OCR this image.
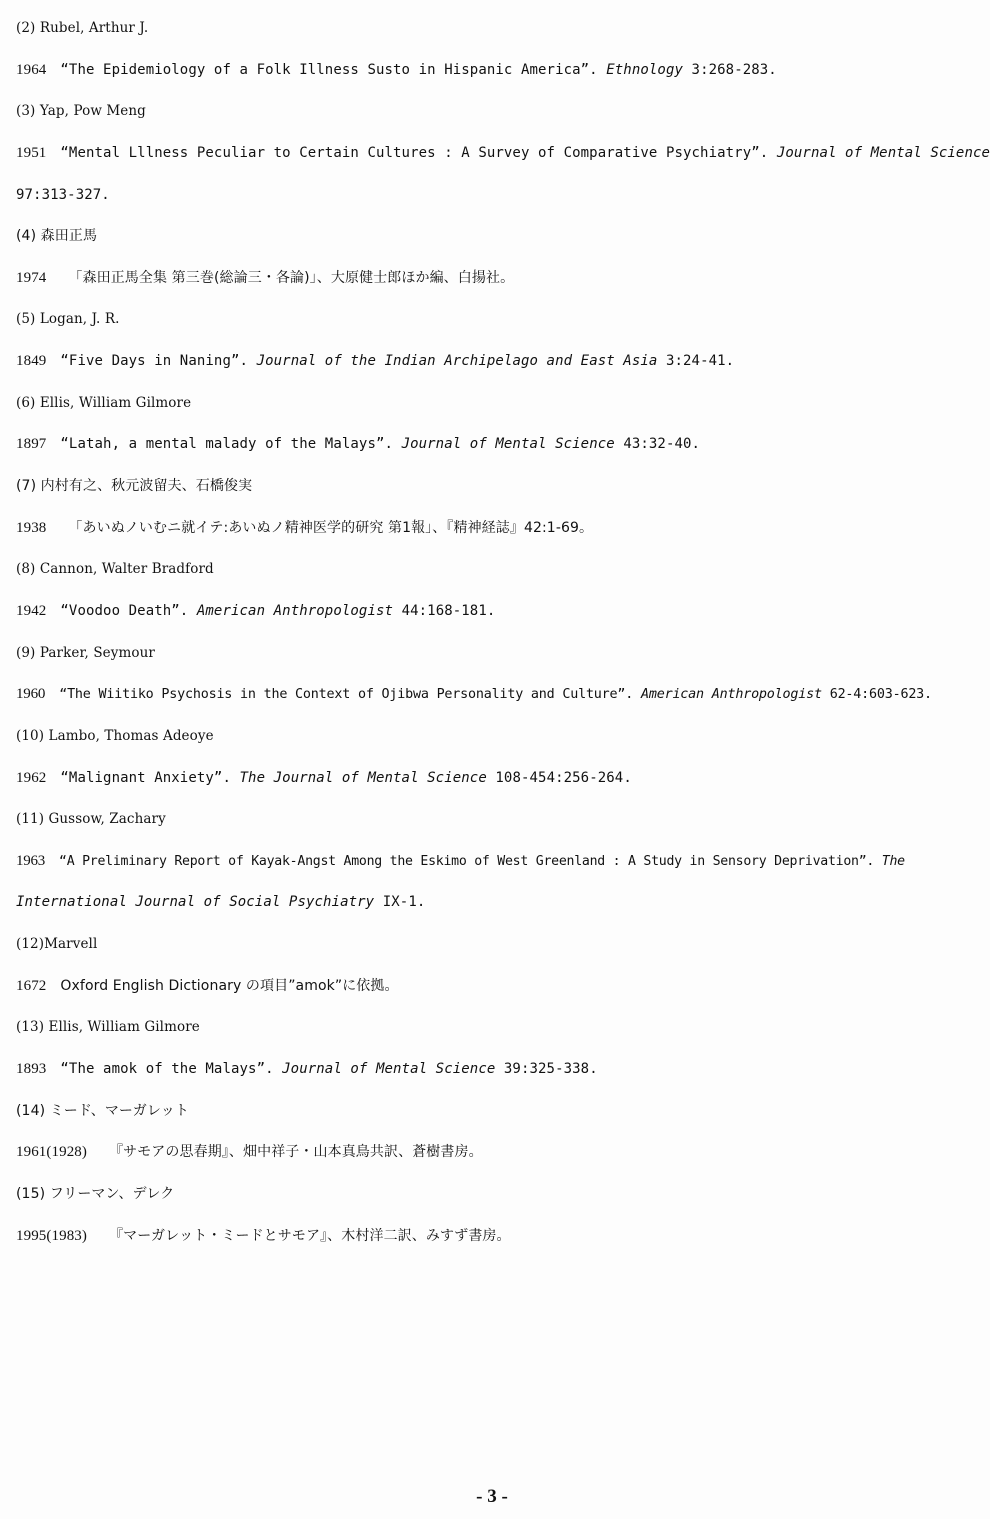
(2) Rubel, Arthur J.
1964 “The Epidemiology of a Folk Illness Susto in Hispanic America”. Ethnology 3:268-283.
(3) Yap, Pow Meng
1951 “Mental Lllness Peculiar to Certain Cultures : A Survey of Comparative Psychiatry”. Journal of Mental Science
97:313-327.
(4) 森田正馬
1974 「森田正馬全集 第三巻(総論三・各論)」、大原健士郎ほか編、白揚社。
(5) Logan, J. R.
1849 “Five Days in Naning”. Journal of the Indian Archipelago and East Asia 3:24-41.
(6) Ellis, William Gilmore
1897 “Latah, a mental malady of the Malays”. Journal of Mental Science 43:32-40.
(7) 内村有之、秋元波留夫、石橋俊実
1938 「あいぬノいむニ就イテ:あいぬノ精神医学的研究 第1報」、『精神経誌』42:1-69。
(8) Cannon, Walter Bradford
1942 “Voodoo Death”. American Anthropologist 44:168-181.
(9) Parker, Seymour
1960 “The Wiitiko Psychosis in the Context of Ojibwa Personality and Culture”. American Anthropologist 62-4:603-623.
(10) Lambo, Thomas Adeoye
1962 “Malignant Anxiety”. The Journal of Mental Science 108-454:256-264.
(11) Gussow, Zachary
1963 “A Preliminary Report of Kayak-Angst Among the Eskimo of West Greenland : A Study in Sensory Deprivation”. The
International Journal of Social Psychiatry IX-1.
(12)Marvell
1672 Oxford English Dictionary の項目”amok”に依拠。
(13) Ellis, William Gilmore
1893 “The amok of the Malays”. Journal of Mental Science 39:325-338.
(14) ミード、マーガレット
1961(1928) 『サモアの思春期』、畑中祥子・山本真鳥共訳、蒼樹書房。
(15) フリーマン、デレク
1995(1983) 『マーガレット・ミードとサモア』、木村洋二訳、みすず書房。
- 3 -
